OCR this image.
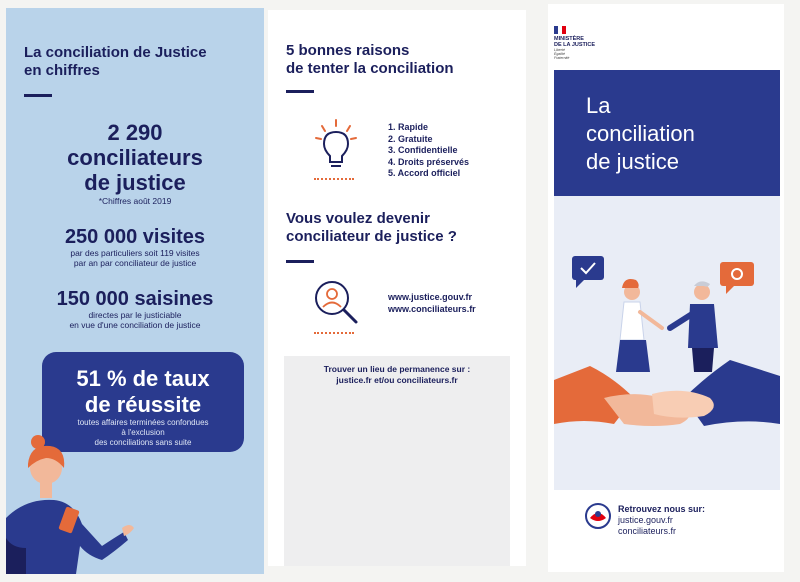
La conciliation de Justice
en chiffres
2 290
conciliateurs
de justice
*Chiffres août 2019
250 000 visites
par des particuliers soit 119 visites
par an par conciliateur de justice
150 000 saisines
directes par le justiciable
en vue d'une conciliation de justice
51 % de taux
de réussite
toutes affaires terminées confondues
à l'exclusion
des conciliations sans suite
5 bonnes raisons
de tenter la conciliation
1. Rapide
2. Gratuite
3. Confidentielle
4. Droits préservés
5. Accord officiel
Vous voulez devenir
conciliateur de justice ?
www.justice.gouv.fr
www.conciliateurs.fr
Trouver un lieu de permanence sur :
justice.fr et/ou conciliateurs.fr
MINISTÈRE
DE LA JUSTICE
Liberté
Égalité
Fraternité
La
conciliation
de justice
Retrouvez nous sur:
justice.gouv.fr
conciliateurs.fr
